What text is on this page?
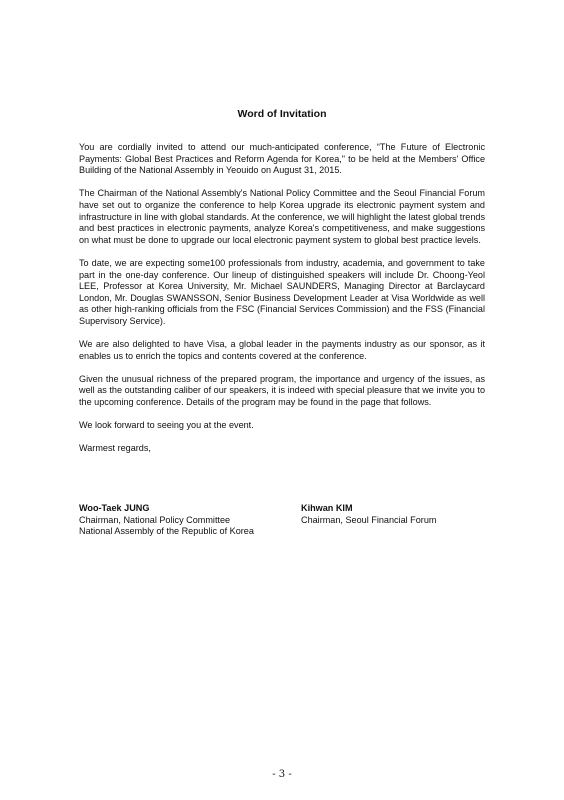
Word of Invitation

You are cordially invited to attend our much-anticipated conference, “The Future of Electronic Payments: Global Best Practices and Reform Agenda for Korea," to be held at the Members' Office Building of the National Assembly in Yeouido on August 31, 2015.

The Chairman of the National Assembly's National Policy Committee and the Seoul Financial Forum have set out to organize the conference to help Korea upgrade its electronic payment system and infrastructure in line with global standards. At the conference, we will highlight the latest global trends and best practices in electronic payments, analyze Korea's competitiveness, and make suggestions on what must be done to upgrade our local electronic payment system to global best practice levels.

To date, we are expecting some100 professionals from industry, academia, and government to take part in the one-day conference. Our lineup of distinguished speakers will include Dr. Choong-Yeol LEE, Professor at Korea University, Mr. Michael SAUNDERS, Managing Director at Barclaycard London, Mr. Douglas SWANSSON, Senior Business Development Leader at Visa Worldwide as well as other high-ranking officials from the FSC (Financial Services Commission) and the FSS (Financial Supervisory Service).

We are also delighted to have Visa, a global leader in the payments industry as our sponsor, as it enables us to enrich the topics and contents covered at the conference.

Given the unusual richness of the prepared program, the importance and urgency of the issues, as well as the outstanding caliber of our speakers, it is indeed with special pleasure that we invite you to the upcoming conference. Details of the program may be found in the page that follows.

We look forward to seeing you at the event.

Warmest regards,

Woo-Taek JUNG
Chairman, National Policy Committee
National Assembly of the Republic of Korea
Kihwan KIM
Chairman, Seoul Financial Forum
- 3 -
